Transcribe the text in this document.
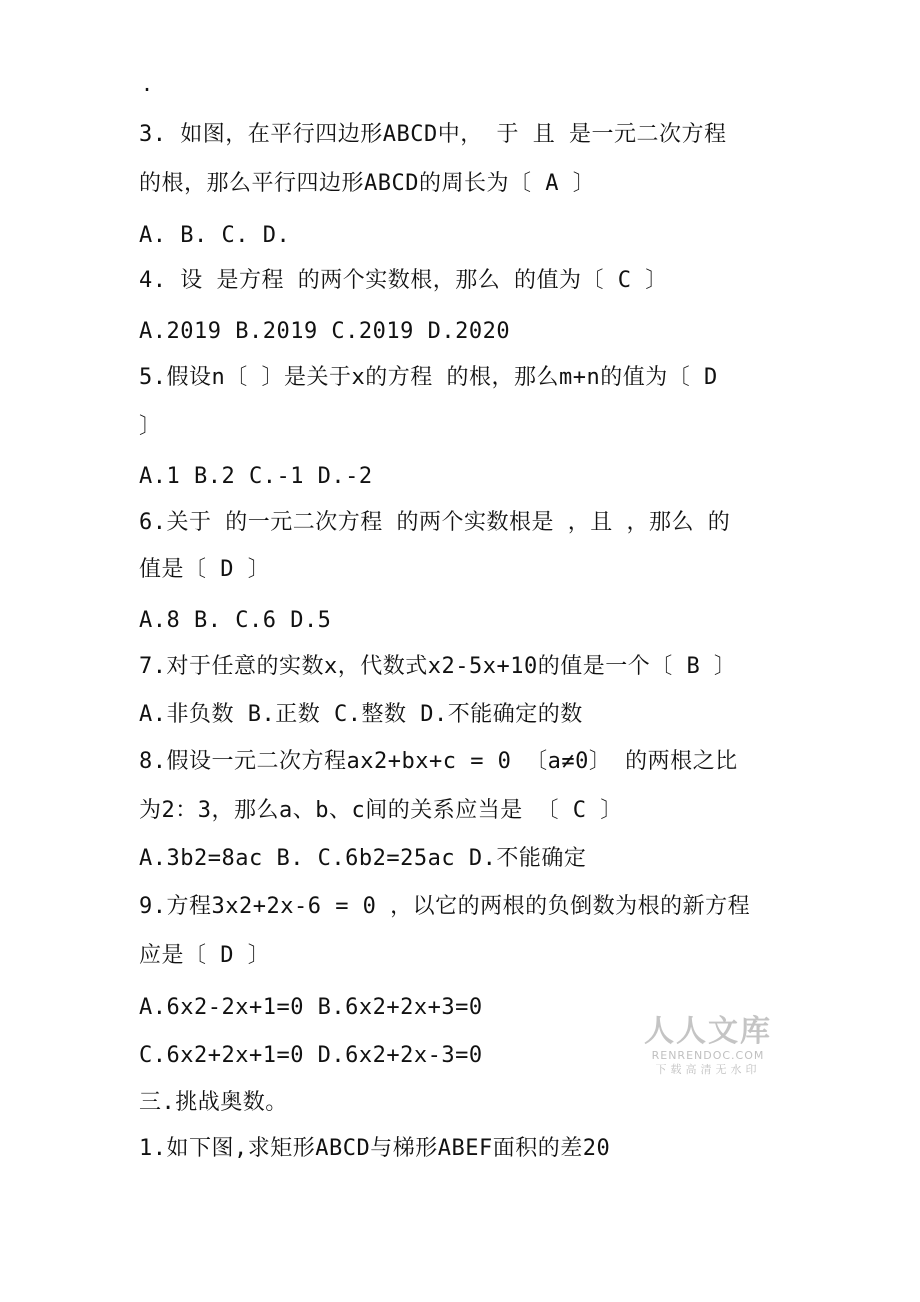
.
3. 如图，在平行四边形ABCD中， 于 且 是一元二次方程
的根，那么平行四边形ABCD的周长为〔 A 〕
A. B. C. D.
4. 设 是方程 的两个实数根，那么 的值为〔 C 〕
A.2019 B.2019 C.2019 D.2020
5.假设n〔 〕是关于x的方程 的根，那么m+n的值为〔 D
〕
A.1 B.2 C.-1 D.-2
6.关于 的一元二次方程 的两个实数根是 ，且 ，那么 的
值是〔 D 〕
A.8 B. C.6 D.5
7.对于任意的实数x，代数式x2-5x+10的值是一个〔 B 〕
A.非负数 B.正数 C.整数 D.不能确定的数
8.假设一元二次方程ax2+bx+c = 0 〔a≠0〕 的两根之比
为2：3，那么a、b、c间的关系应当是 〔 C 〕
A.3b2=8ac B. C.6b2=25ac D.不能确定
9.方程3x2+2x-6 = 0 ，以它的两根的负倒数为根的新方程
应是〔 D 〕
A.6x2-2x+1=0 B.6x2+2x+3=0
C.6x2+2x+1=0 D.6x2+2x-3=0
三.挑战奥数。
1.如下图,求矩形ABCD与梯形ABEF面积的差20
人人文库
RENRENDOC.COM
下载高清无水印
